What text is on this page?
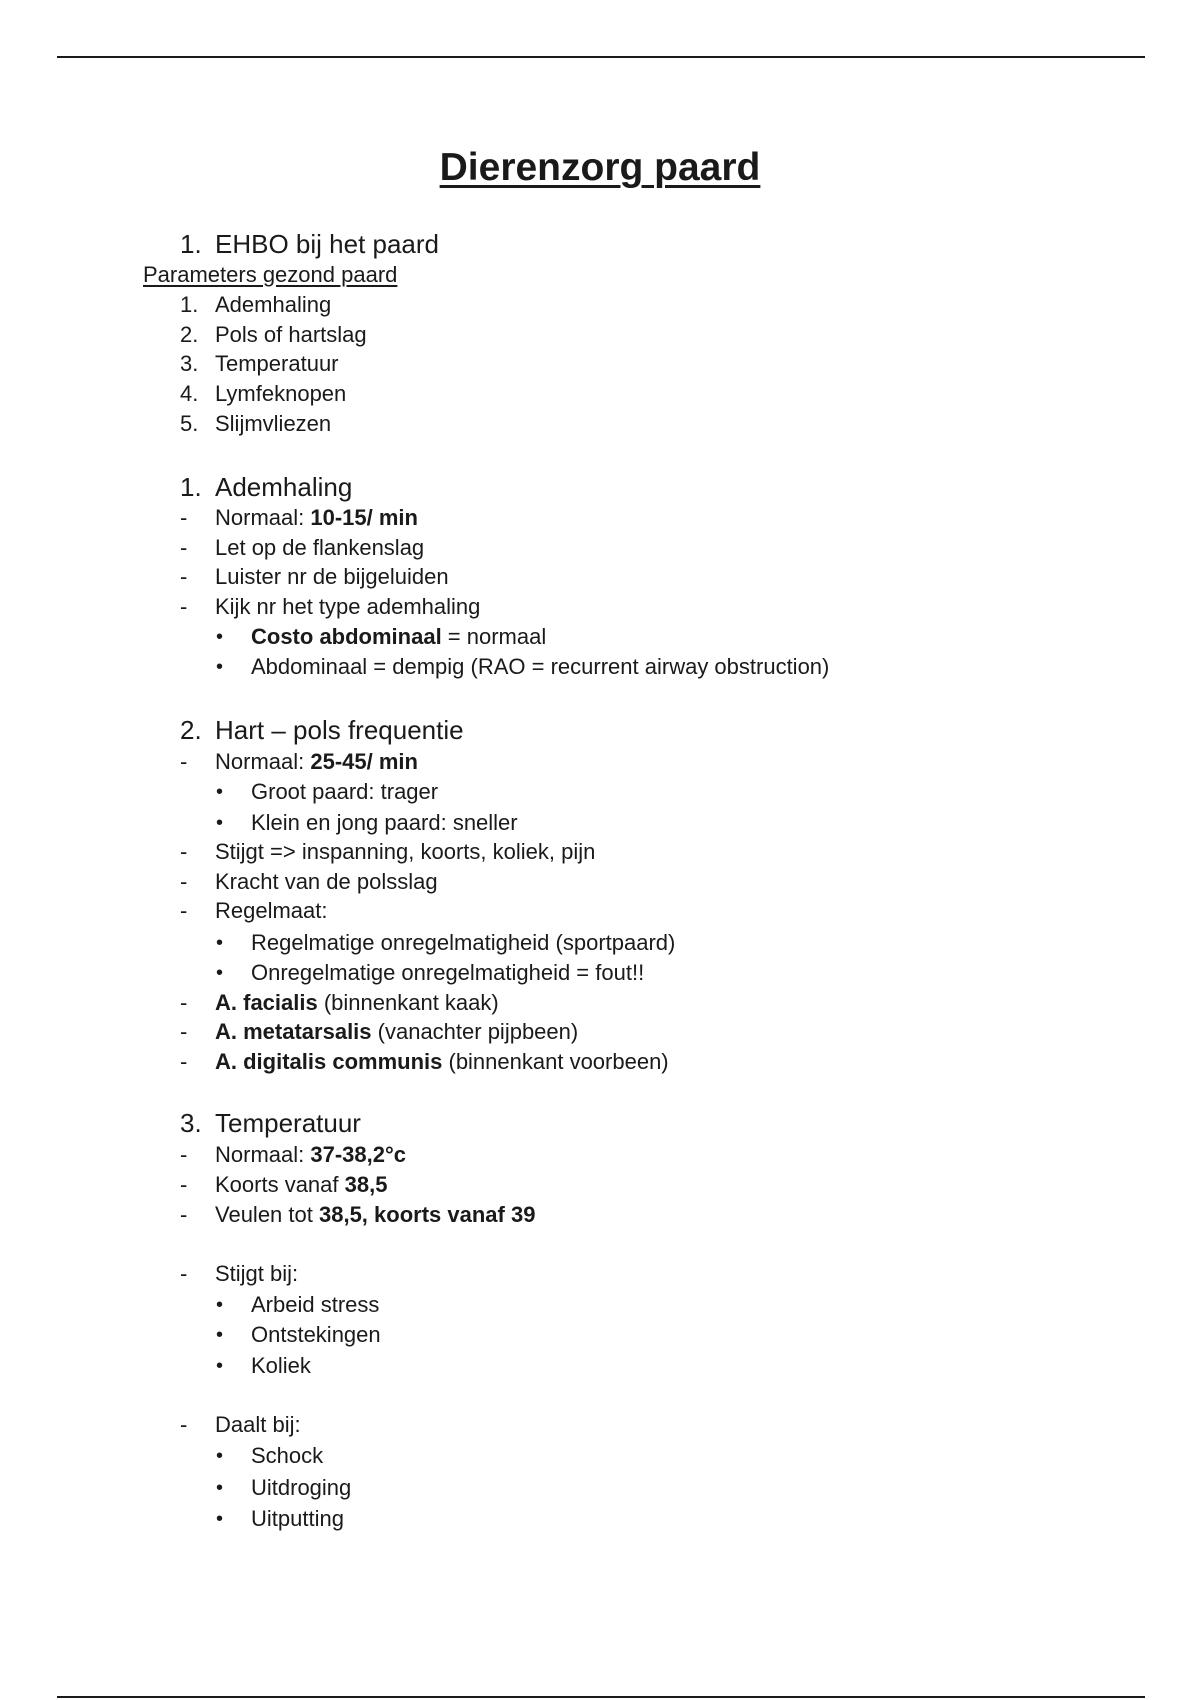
Dierenzorg paard
1. EHBO bij het paard

Parameters gezond paard

1. Ademhaling

2. Pols of hartslag

3. Temperatuur

4. Lymfeknopen

5. Slijmvliezen

1. Ademhaling

- Normaal: 10-15/ min

- Let op de flankenslag

- Luister nr de bijgeluiden

- Kijk nr het type ademhaling

• Costo abdominaal = normaal

• Abdominaal = dempig (RAO = recurrent airway obstruction)

2. Hart – pols frequentie

- Normaal: 25-45/ min

• Groot paard: trager

• Klein en jong paard: sneller

- Stijgt => inspanning, koorts, koliek, pijn

- Kracht van de polsslag

- Regelmaat:

• Regelmatige onregelmatigheid (sportpaard)

• Onregelmatige onregelmatigheid = fout!!

- A. facialis (binnenkant kaak)

- A. metatarsalis (vanachter pijpbeen)

- A. digitalis communis (binnenkant voorbeen)

3. Temperatuur

- Normaal: 37-38,2°c

- Koorts vanaf 38,5

- Veulen tot 38,5, koorts vanaf 39

- Stijgt bij:

• Arbeid stress

• Ontstekingen

• Koliek

- Daalt bij:

• Schock

• Uitdroging

• Uitputting
